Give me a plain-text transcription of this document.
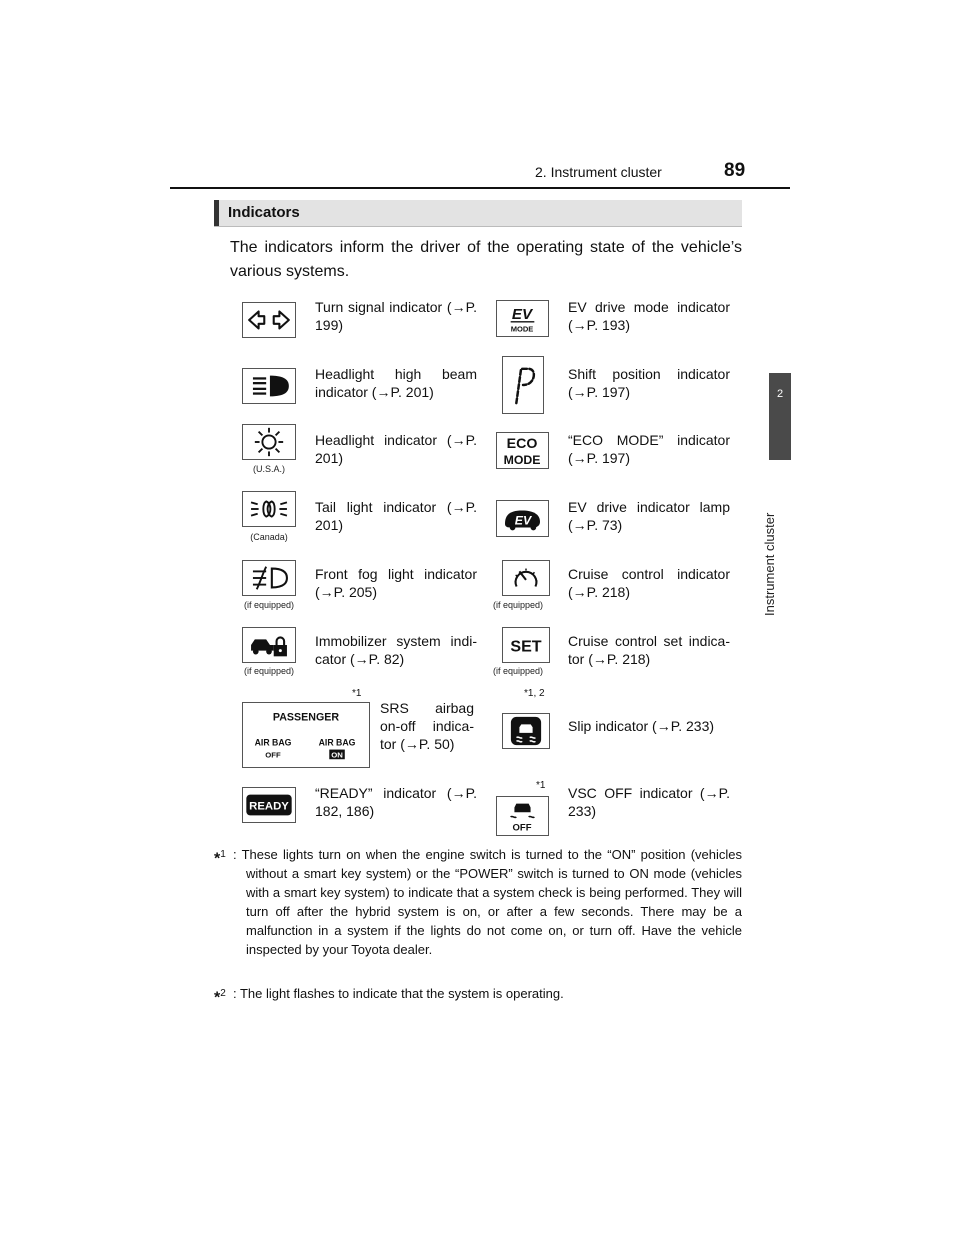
2. Instrument cluster	89
2
Instrument cluster
Indicators
The indicators inform the driver of the operating state of the vehicle’s various systems.
Turn signal indicator (→P. 199)
EV
MODE
EV drive mode indicator (→P. 193)
Headlight high beam indicator (→P. 201)
Shift position indicator (→P. 197)
(U.S.A.)
Headlight indicator (→P. 201)
ECO
MODE
“ECO MODE” indicator (→P. 197)
(Canada)
Tail light indicator (→P. 201)	EV
EV drive indicator lamp (→P. 73)
(if equipped)
Front fog light indicator (→P. 205)
(if equipped)
Cruise control indicator (→P. 218)
(if equipped)
Immobilizer system indi-cator (→P. 82)
SET
(if equipped)
Cruise control set indica-tor (→P. 218)
*1
PASSENGER
AIR BAG
OFF
AIR BAG
ON
SRS airbag on-off indica-tor (→P. 50)
*1, 2
Slip indicator (→P. 233)
READY
“READY” indicator (→P. 182, 186)
*1
OFF
VSC OFF indicator (→P. 233)
*$^1$ : These lights turn on when the engine switch is turned to the “ON” position (vehicles without a smart key system) or the “POWER” switch is turned to ON mode (vehicles with a smart key system) to indicate that a system check is being performed. They will turn off after the hybrid system is on, or after a few seconds. There may be a malfunction in a system if the lights do not come on, or turn off. Have the vehicle inspected by your Toyota dealer.
*$^2$ : The light flashes to indicate that the system is operating.
